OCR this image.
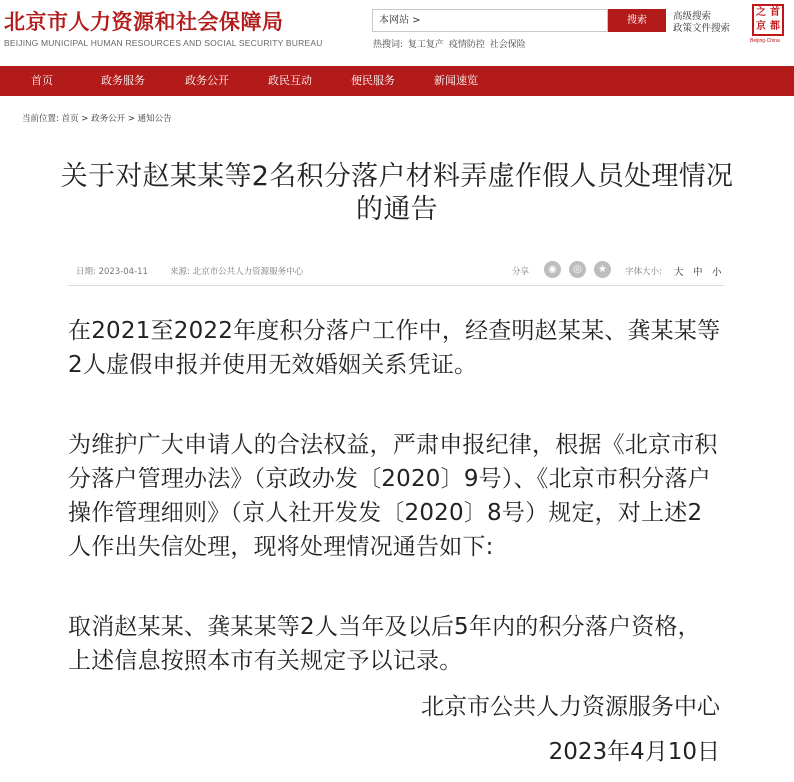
北京市人力资源和社会保障局
BEIJING MUNICIPAL HUMAN RESOURCES AND SOCIAL SECURITY BUREAU
本网站 >	搜索	高级搜索
政策文件搜索
热搜词: 复工复产 疫情防控 社会保险
之 首
京 都
Beijing·China
首页	政务服务	政务公开	政民互动	便民服务	新闻速览
当前位置: 首页 > 政务公开 > 通知公告
关于对赵某某等2名积分落户材料弄虚作假人员处理情况的通告
日期: 2023-04-11	来源: 北京市公共人力资源服务中心	分享	◉	◎	★	字体大小: 大 中 小
在2021至2022年度积分落户工作中，经查明赵某某、龚某某等2人虚假申报并使用无效婚姻关系凭证。
为维护广大申请人的合法权益，严肃申报纪律，根据《北京市积分落户管理办法》（京政办发〔2020〕9号）、《北京市积分落户操作管理细则》（京人社开发发〔2020〕8号）规定，对上述2人作出失信处理，现将处理情况通告如下:
取消赵某某、龚某某等2人当年及以后5年内的积分落户资格，上述信息按照本市有关规定予以记录。
北京市公共人力资源服务中心
2023年4月10日
